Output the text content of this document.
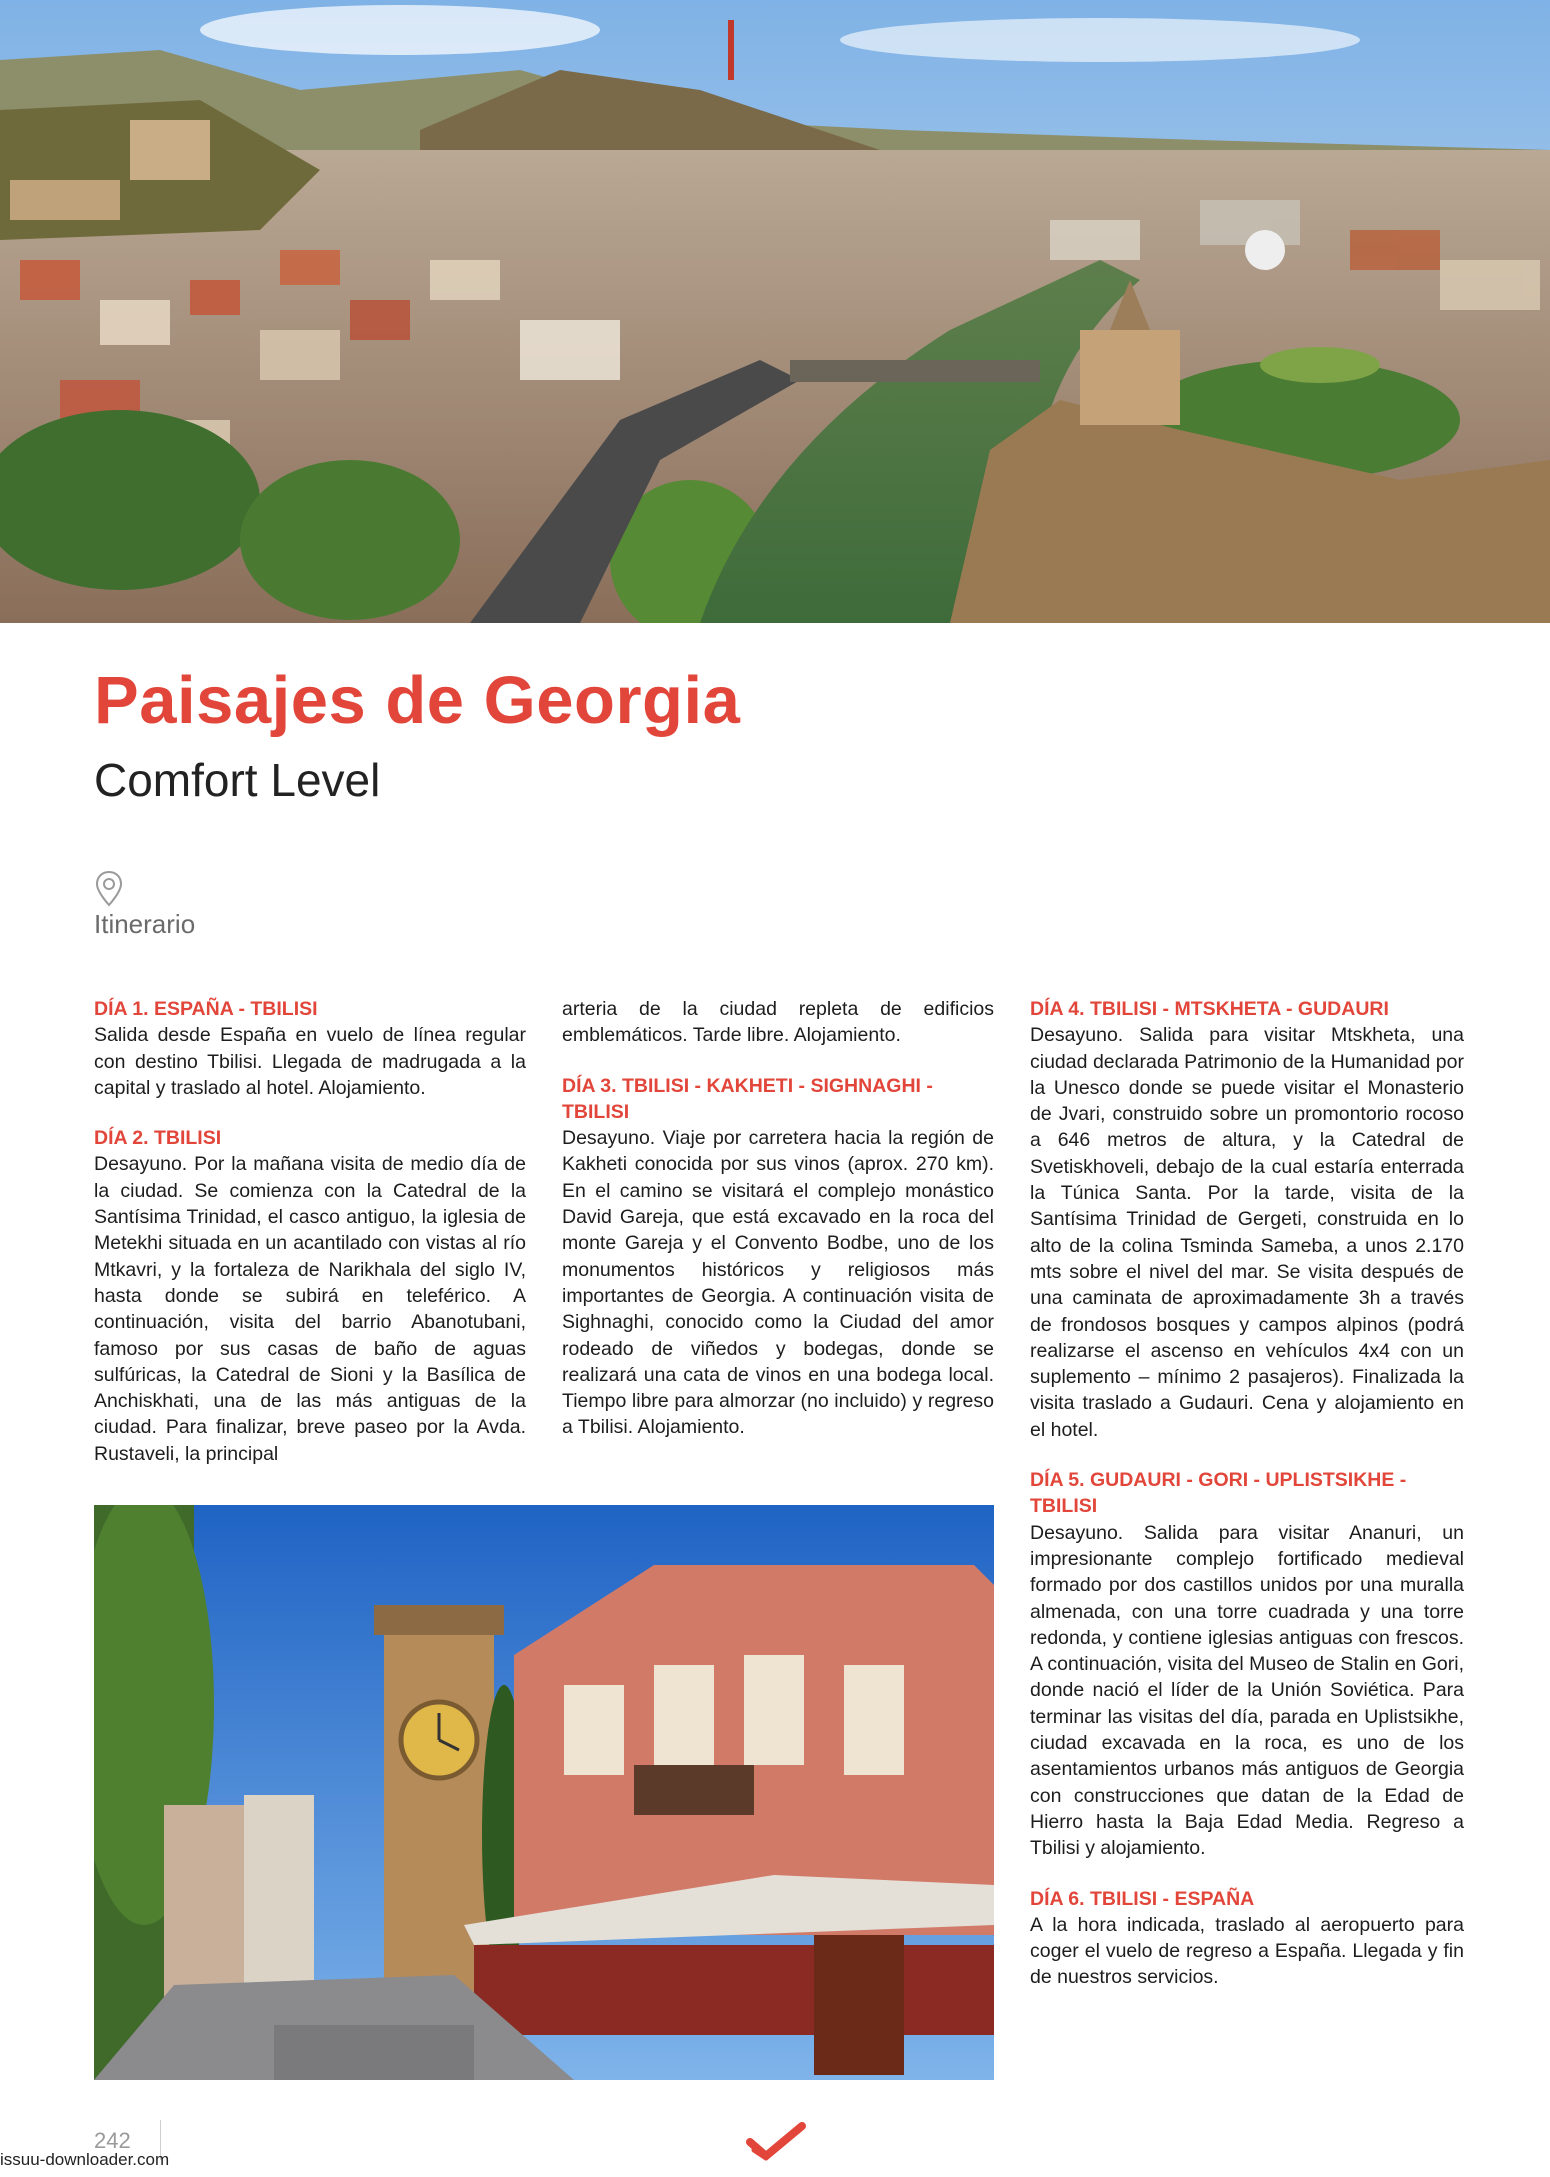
Paisajes de Georgia
Comfort Level
Itinerario
DÍA 1. ESPAÑA - TBILISI
Salida desde España en vuelo de línea regular con destino Tbilisi. Llegada de madrugada a la capital y traslado al hotel. Alojamiento.
DÍA 2. TBILISI
Desayuno. Por la mañana visita de medio día de la ciudad. Se comienza con la Catedral de la Santísima Trinidad, el casco antiguo, la iglesia de Metekhi situada en un acantilado con vistas al río Mtkavri, y la fortaleza de Narikhala del siglo IV, hasta donde se subirá en teleférico. A continuación, visita del barrio Abanotubani, famoso por sus casas de baño de aguas sulfúricas, la Catedral de Sioni y la Basílica de Anchiskhati, una de las más antiguas de la ciudad. Para finalizar, breve paseo por la Avda. Rustaveli, la principal
arteria de la ciudad repleta de edificios emblemáticos. Tarde libre. Alojamiento.
DÍA 3. TBILISI - KAKHETI - SIGHNAGHI - TBILISI
Desayuno. Viaje por carretera hacia la región de Kakheti conocida por sus vinos (aprox. 270 km). En el camino se visitará el complejo monástico David Gareja, que está excavado en la roca del monte Gareja y el Convento Bodbe, uno de los monumentos históricos y religiosos más importantes de Georgia. A continuación visita de Sighnaghi, conocido como la Ciudad del amor rodeado de viñedos y bodegas, donde se realizará una cata de vinos en una bodega local. Tiempo libre para almorzar (no incluido) y regreso a Tbilisi. Alojamiento.
DÍA 4. TBILISI - MTSKHETA - GUDAURI
Desayuno. Salida para visitar Mtskheta, una ciudad declarada Patrimonio de la Humanidad por la Unesco donde se puede visitar el Monasterio de Jvari, construido sobre un promontorio rocoso a 646 metros de altura, y la Catedral de Svetiskhoveli, debajo de la cual estaría enterrada la Túnica Santa. Por la tarde, visita de la Santísima Trinidad de Gergeti, construida en lo alto de la colina Tsminda Sameba, a unos 2.170 mts sobre el nivel del mar. Se visita después de una caminata de aproximadamente 3h a través de frondosos bosques y campos alpinos (podrá realizarse el ascenso en vehículos 4x4 con un suplemento – mínimo 2 pasajeros). Finalizada la visita traslado a Gudauri. Cena y alojamiento en el hotel.
DÍA 5. GUDAURI - GORI - UPLISTSIKHE - TBILISI
Desayuno. Salida para visitar Ananuri, un impresionante complejo fortificado medieval formado por dos castillos unidos por una muralla almenada, con una torre cuadrada y una torre redonda, y contiene iglesias antiguas con frescos. A continuación, visita del Museo de Stalin en Gori, donde nació el líder de la Unión Soviética. Para terminar las visitas del día, parada en Uplistsikhe, ciudad excavada en la roca, es uno de los asentamientos urbanos más antiguos de Georgia con construcciones que datan de la Edad de Hierro hasta la Baja Edad Media. Regreso a Tbilisi y alojamiento.
DÍA 6. TBILISI - ESPAÑA
A la hora indicada, traslado al aeropuerto para coger el vuelo de regreso a España. Llegada y fin de nuestros servicios.
242
issuu-downloader.com
